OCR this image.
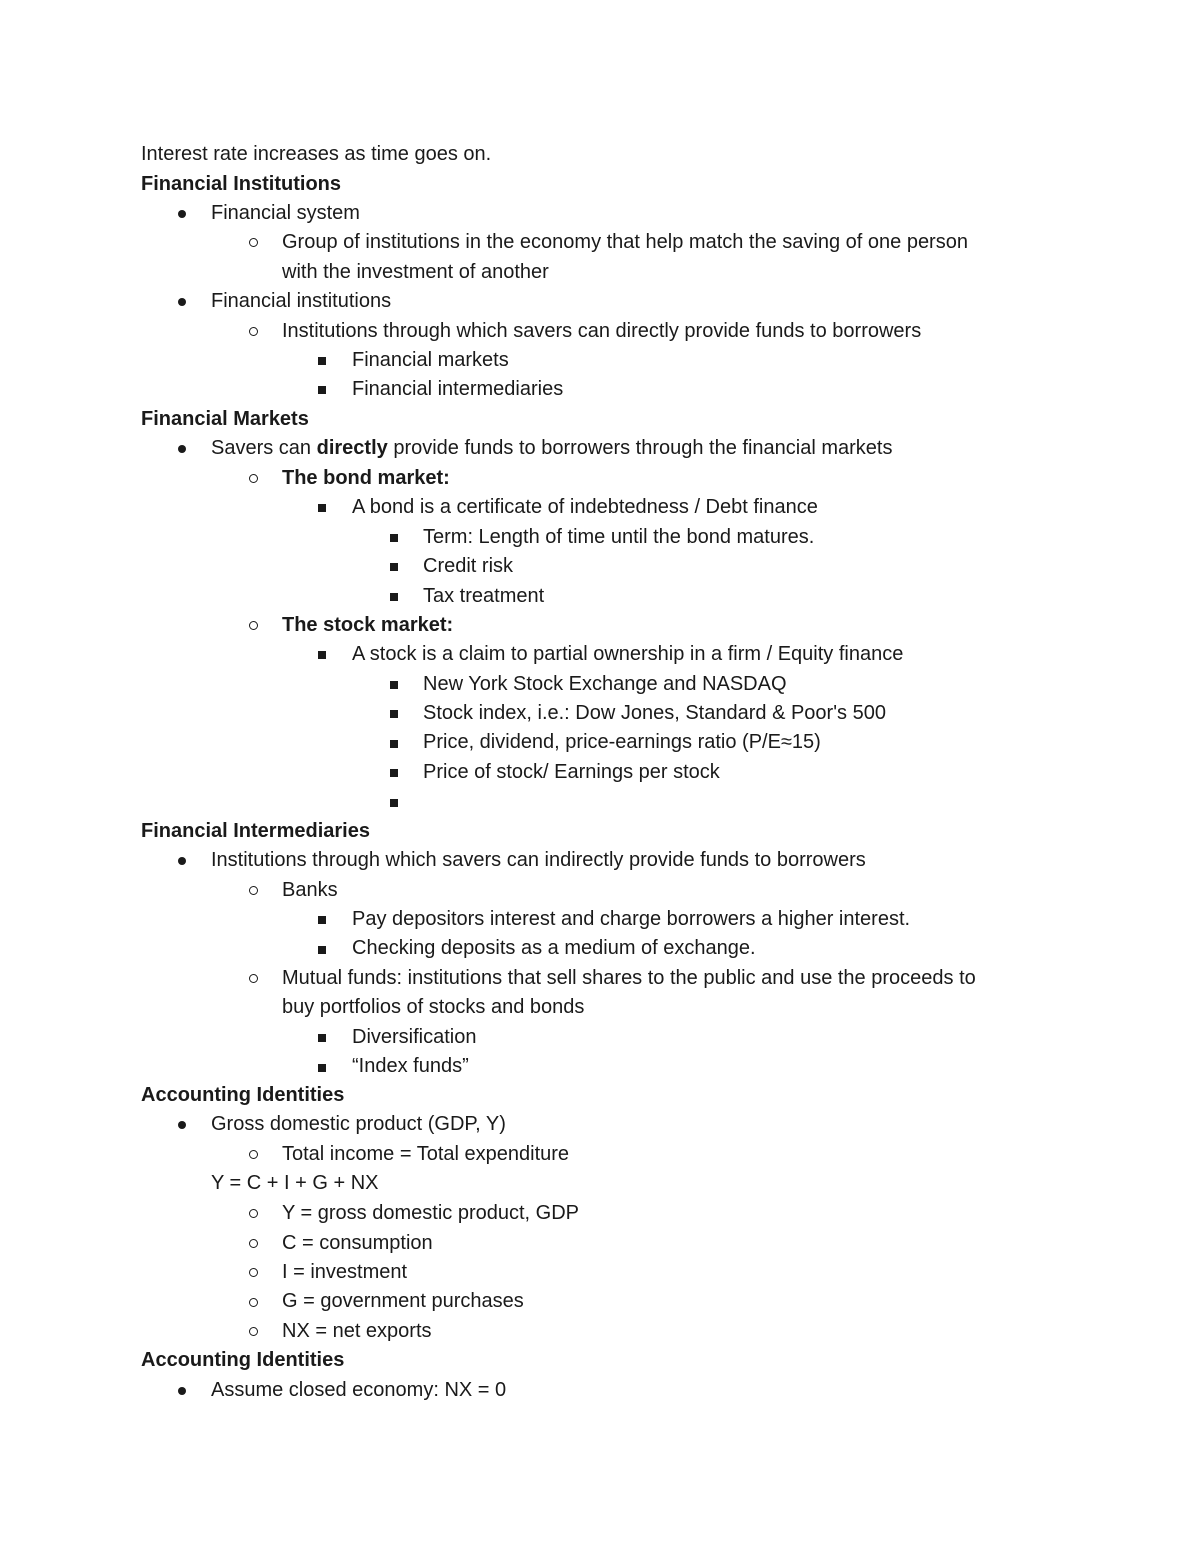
Interest rate increases as time goes on.
Financial Institutions
Financial system
Group of institutions in the economy that help match the saving of one person
with the investment of another
Financial institutions
Institutions through which savers can directly provide funds to borrowers
Financial markets
Financial intermediaries
Financial Markets
Savers can directly provide funds to borrowers through the financial markets
The bond market:
A bond is a certificate of indebtedness / Debt finance
Term: Length of time until the bond matures.
Credit risk
Tax treatment
The stock market:
A stock is a claim to partial ownership in a firm / Equity finance
New York Stock Exchange and NASDAQ
Stock index, i.e.: Dow Jones, Standard & Poor's 500
Price, dividend, price-earnings ratio (P/E≈15)
Price of stock/ Earnings per stock
Financial Intermediaries
Institutions through which savers can indirectly provide funds to borrowers
Banks
Pay depositors interest and charge borrowers a higher interest.
Checking deposits as a medium of exchange.
Mutual funds: institutions that sell shares to the public and use the proceeds to
buy portfolios of stocks and bonds
Diversification
“Index funds”
Accounting Identities
Gross domestic product (GDP, Y)
Total income = Total expenditure
Y = C + I + G + NX
Y = gross domestic product, GDP
C = consumption
I = investment
G = government purchases
NX = net exports
Accounting Identities
Assume closed economy: NX = 0
